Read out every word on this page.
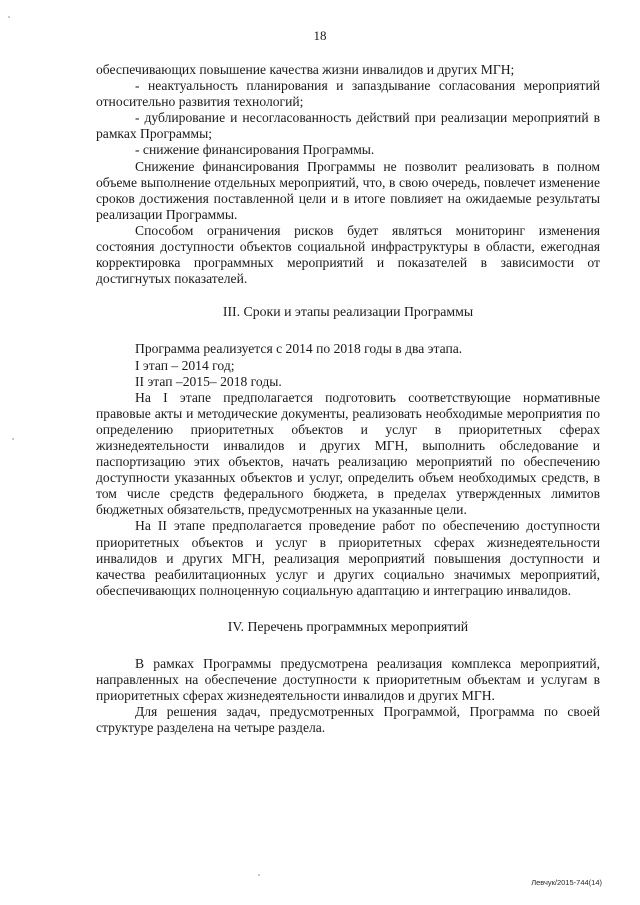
18

обеспечивающих повышение качества жизни инвалидов и других МГН;

- неактуальность планирования и запаздывание согласования мероприятий относительно развития технологий;

- дублирование и несогласованность действий при реализации мероприятий в рамках Программы;

- снижение финансирования Программы.

Снижение финансирования Программы не позволит реализовать в полном объеме выполнение отдельных мероприятий, что, в свою очередь, повлечет изменение сроков достижения поставленной цели и в итоге повлияет на ожидаемые результаты реализации Программы.

Способом ограничения рисков будет являться мониторинг изменения состояния доступности объектов социальной инфраструктуры в области, ежегодная корректировка программных мероприятий и показателей в зависимости от достигнутых показателей.

III. Сроки и этапы реализации Программы

Программа реализуется с 2014 по 2018 годы в два этапа.

I этап – 2014 год;

II этап –2015– 2018 годы.

На I этапе предполагается подготовить соответствующие нормативные правовые акты и методические документы, реализовать необходимые мероприятия по определению приоритетных объектов и услуг в приоритетных сферах жизнедеятельности инвалидов и других МГН, выполнить обследование и паспортизацию этих объектов, начать реализацию мероприятий по обеспечению доступности указанных объектов и услуг, определить объем необходимых средств, в том числе средств федерального бюджета, в пределах утвержденных лимитов бюджетных обязательств, предусмотренных на указанные цели.

На II этапе предполагается проведение работ по обеспечению доступности приоритетных объектов и услуг в приоритетных сферах жизнедеятельности инвалидов и других МГН, реализация мероприятий повышения доступности и качества реабилитационных услуг и других социально значимых мероприятий, обеспечивающих полноценную социальную адаптацию и интеграцию инвалидов.

IV. Перечень программных мероприятий

В рамках Программы предусмотрена реализация комплекса мероприятий, направленных на обеспечение доступности к приоритетным объектам и услугам в приоритетных сферах жизнедеятельности инвалидов и других МГН.

Для решения задач, предусмотренных Программой, Программа по своей структуре разделена на четыре раздела.

Левчук/2015-744(14)
